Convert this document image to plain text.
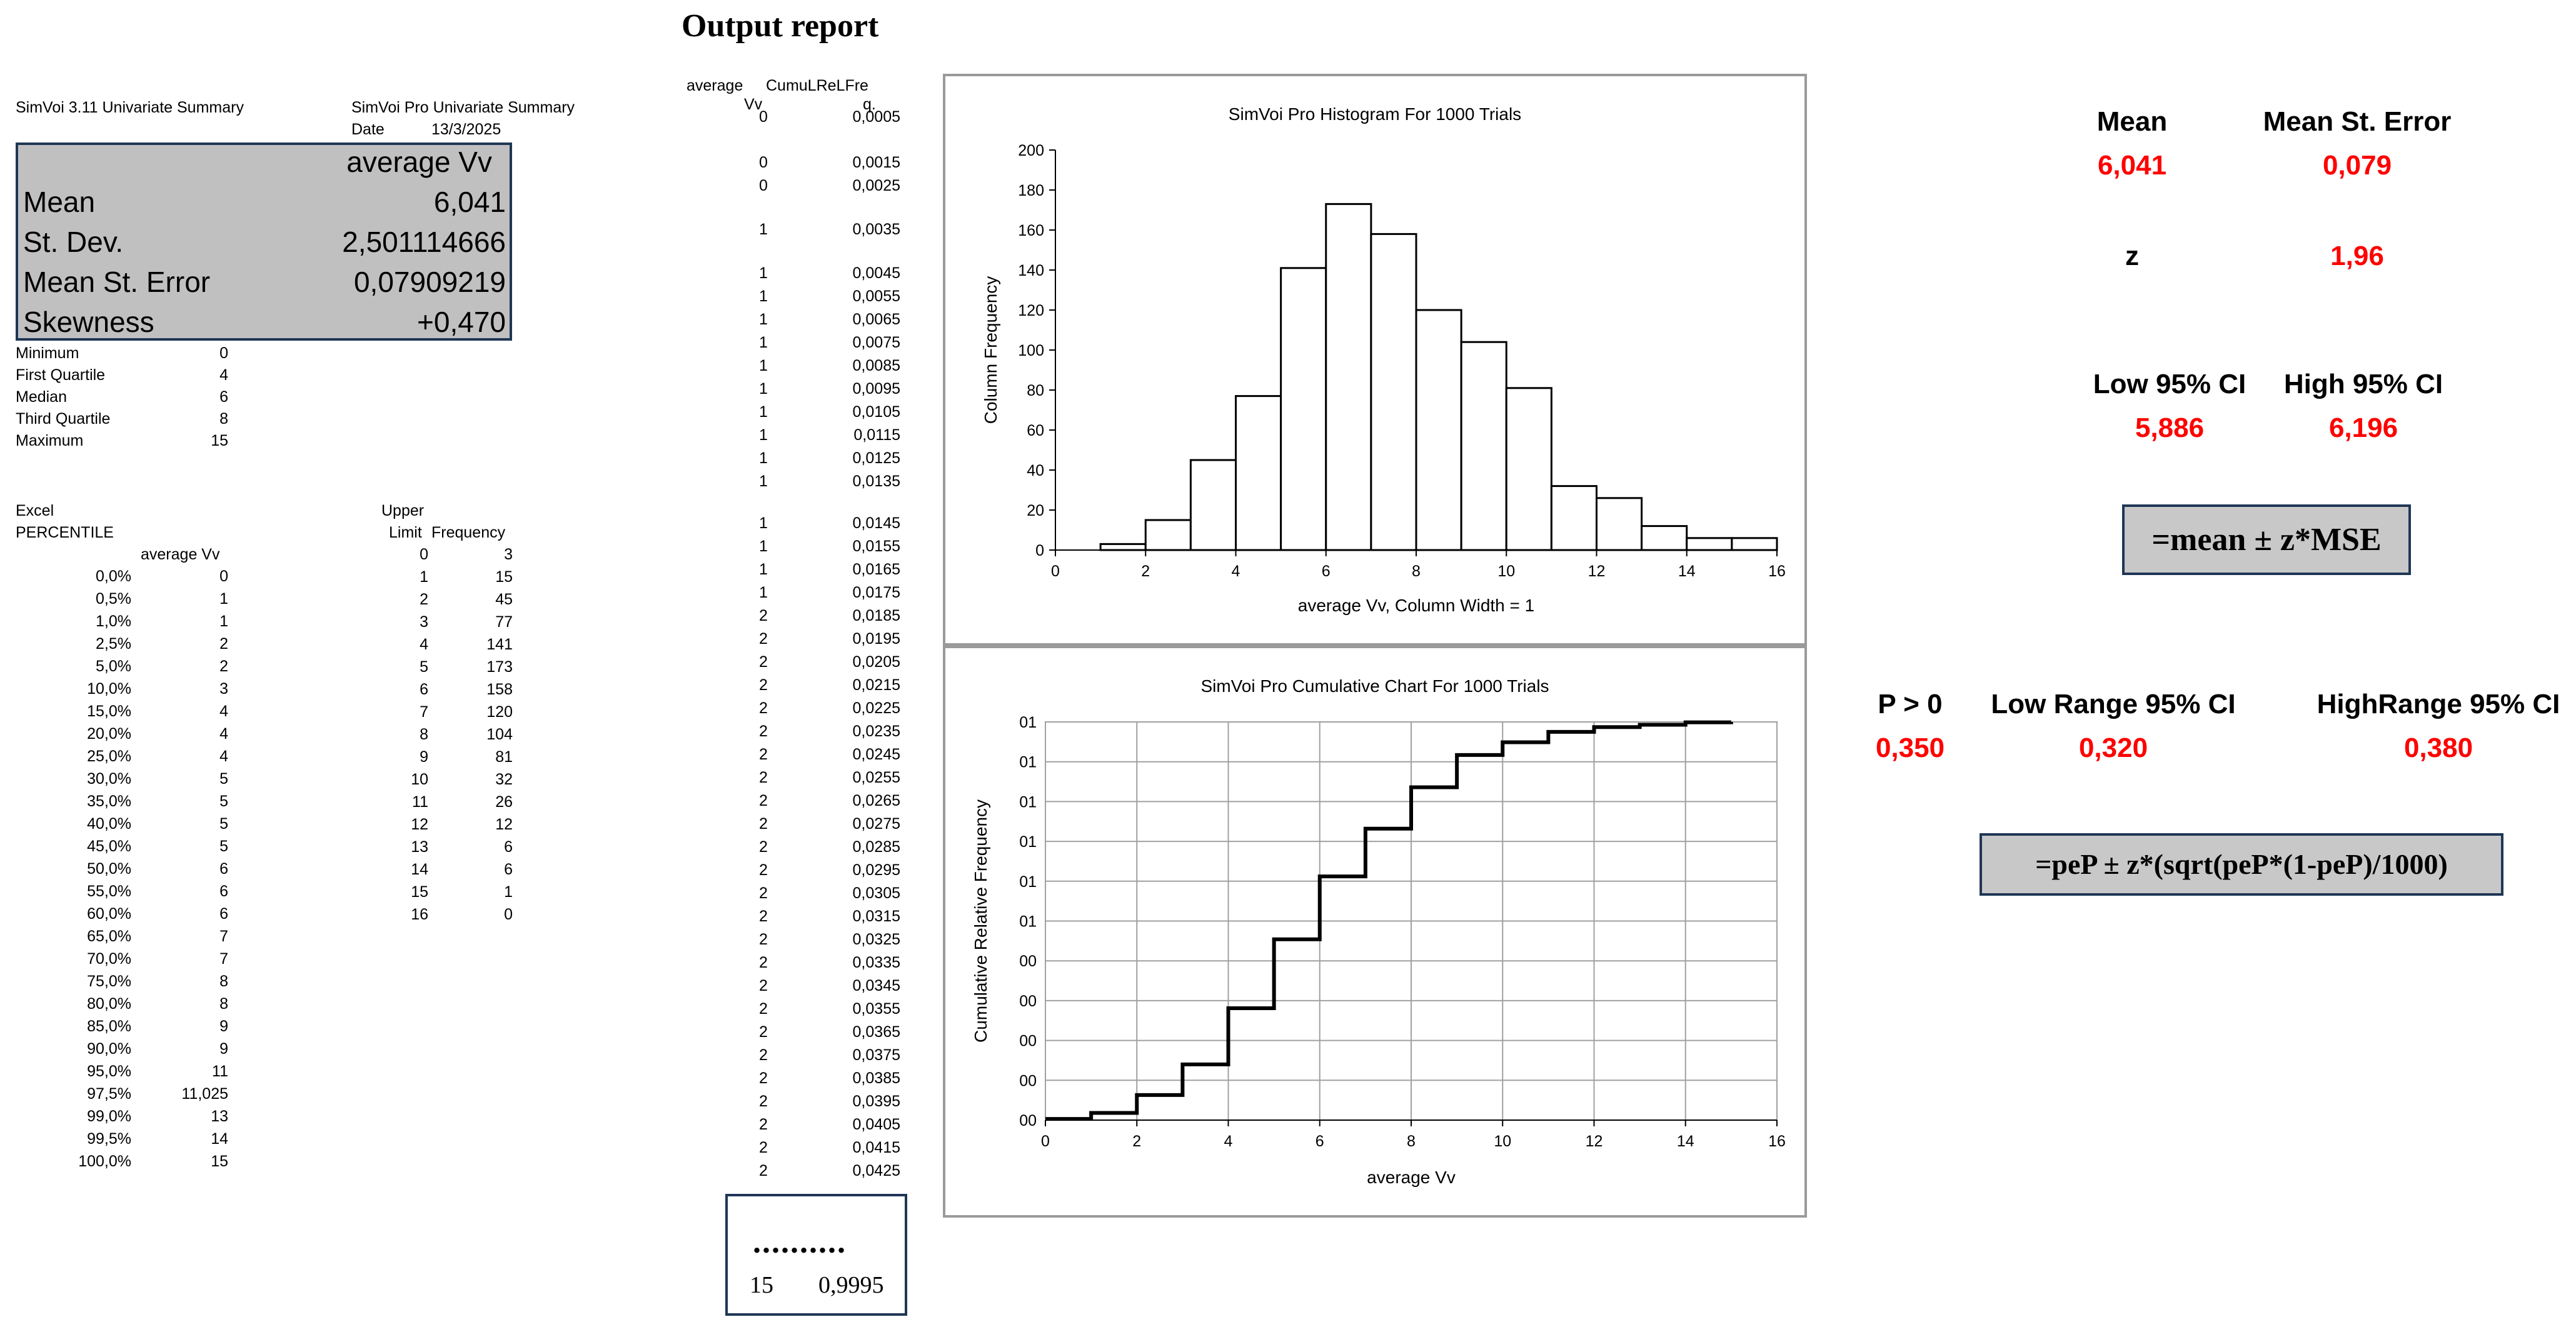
Output report
SimVoi 3.11 Univariate Summary	SimVoi Pro Univariate Summary
Date	13/3/2025
average Vv
Mean	6,041
St. Dev.	2,501114666
Mean St. Error	0,07909219
Skewness	+0,470
Minimum	0
First Quartile	4
Median	6
Third Quartile	8
Maximum	15
Excel
PERCENTILE
average Vv
0,0%	0
0,5%	1
1,0%	1
2,5%	2
5,0%	2
10,0%	3
15,0%	4
20,0%	4
25,0%	4
30,0%	5
35,0%	5
40,0%	5
45,0%	5
50,0%	6
55,0%	6
60,0%	6
65,0%	7
70,0%	7
75,0%	8
80,0%	8
85,0%	9
90,0%	9
95,0%	11
97,5%	11,025
99,0%	13
99,5%	14
100,0%	15
Upper
Limit Frequency
0	3
1	15
2	45
3	77
4	141
5	173
6	158
7	120
8	104
9	81
10	32
11	26
12	12
13	6
14	6
15	1
16	0
average CumuLReLFre
Vv	q.
0	0,0005
0	0,0015
0	0,0025
1	0,0035
1	0,0045
1	0,0055
1	0,0065
1	0,0075
1	0,0085
1	0,0095
1	0,0105
1	0,0115
1	0,0125
1	0,0135
1	0,0145
1	0,0155
1	0,0165
1	0,0175
2	0,0185
2	0,0195
2	0,0205
2	0,0215
2	0,0225
2	0,0235
2	0,0245
2	0,0255
2	0,0265
2	0,0275
2	0,0285
2	0,0295
2	0,0305
2	0,0315
2	0,0325
2	0,0335
2	0,0345
2	0,0355
2	0,0365
2	0,0375
2	0,0385
2	0,0395
2	0,0405
2	0,0415
2	0,0425
..........
15 0,9995
SimVoi Pro Histogram For 1000 Trials
0
20
40
60
80
100
120
140
160
180
200
0	2	4	6	8	10	12	14	16
average Vv, Column Width = 1
Column Frequency
SimVoi Pro Cumulative Chart For 1000 Trials
00
00
00
00
00
01
01
01
01
01
01
0	2	4	6	8	10	12	14	16
average Vv
Cumulative Relative Frequency
Mean
6,041
Mean St. Error
0,079
z	1,96
Low 95% CI
5,886
High 95% CI
6,196
=mean ± z*MSE
P > 0
0,350
Low Range 95% CI
0,320
HighRange 95% CI
0,380
=peP ± z*(sqrt(peP*(1-peP)/1000)
